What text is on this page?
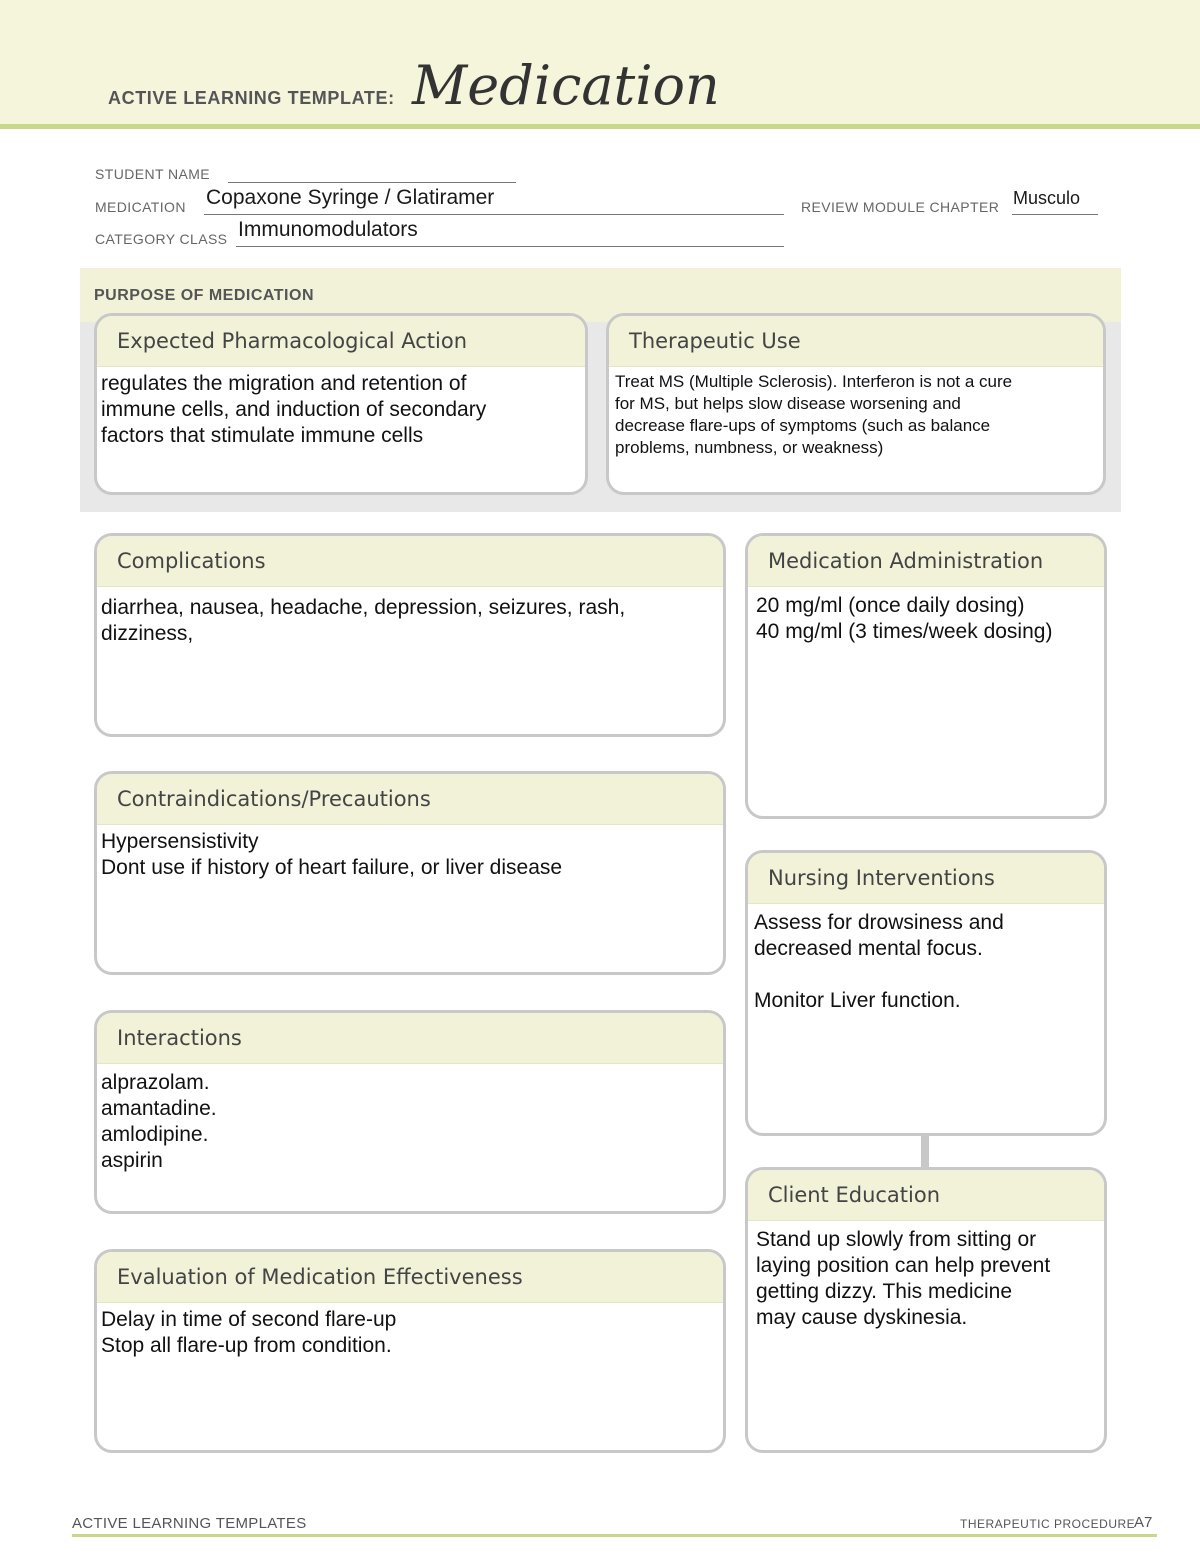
ACTIVE LEARNING TEMPLATE: Medication
STUDENT NAME
MEDICATION Copaxone Syringe / Glatiramer	REVIEW MODULE CHAPTER Musculo
CATEGORY CLASS Immunomodulators
PURPOSE OF MEDICATION
Expected Pharmacological Action
regulates the migration and retention of
immune cells, and induction of secondary
factors that stimulate immune cells
Therapeutic Use
Treat MS (Multiple Sclerosis). Interferon is not a cure
for MS, but helps slow disease worsening and
decrease flare-ups of symptoms (such as balance
problems, numbness, or weakness)
Complications
diarrhea, nausea, headache, depression, seizures, rash,
dizziness,
Contraindications/Precautions
Hypersensistivity
Dont use if history of heart failure, or liver disease
Interactions
alprazolam.
amantadine.
amlodipine.
aspirin
Evaluation of Medication Effectiveness
Delay in time of second flare-up
Stop all flare-up from condition.
Medication Administration
20 mg/ml (once daily dosing)
40 mg/ml (3 times/week dosing)
Nursing Interventions
Assess for drowsiness and
decreased mental focus.
Monitor Liver function.
Client Education
Stand up slowly from sitting or
laying position can help prevent
getting dizzy. This medicine
may cause dyskinesia.
ACTIVE LEARNING TEMPLATES	THERAPEUTIC PROCEDURE
A7
